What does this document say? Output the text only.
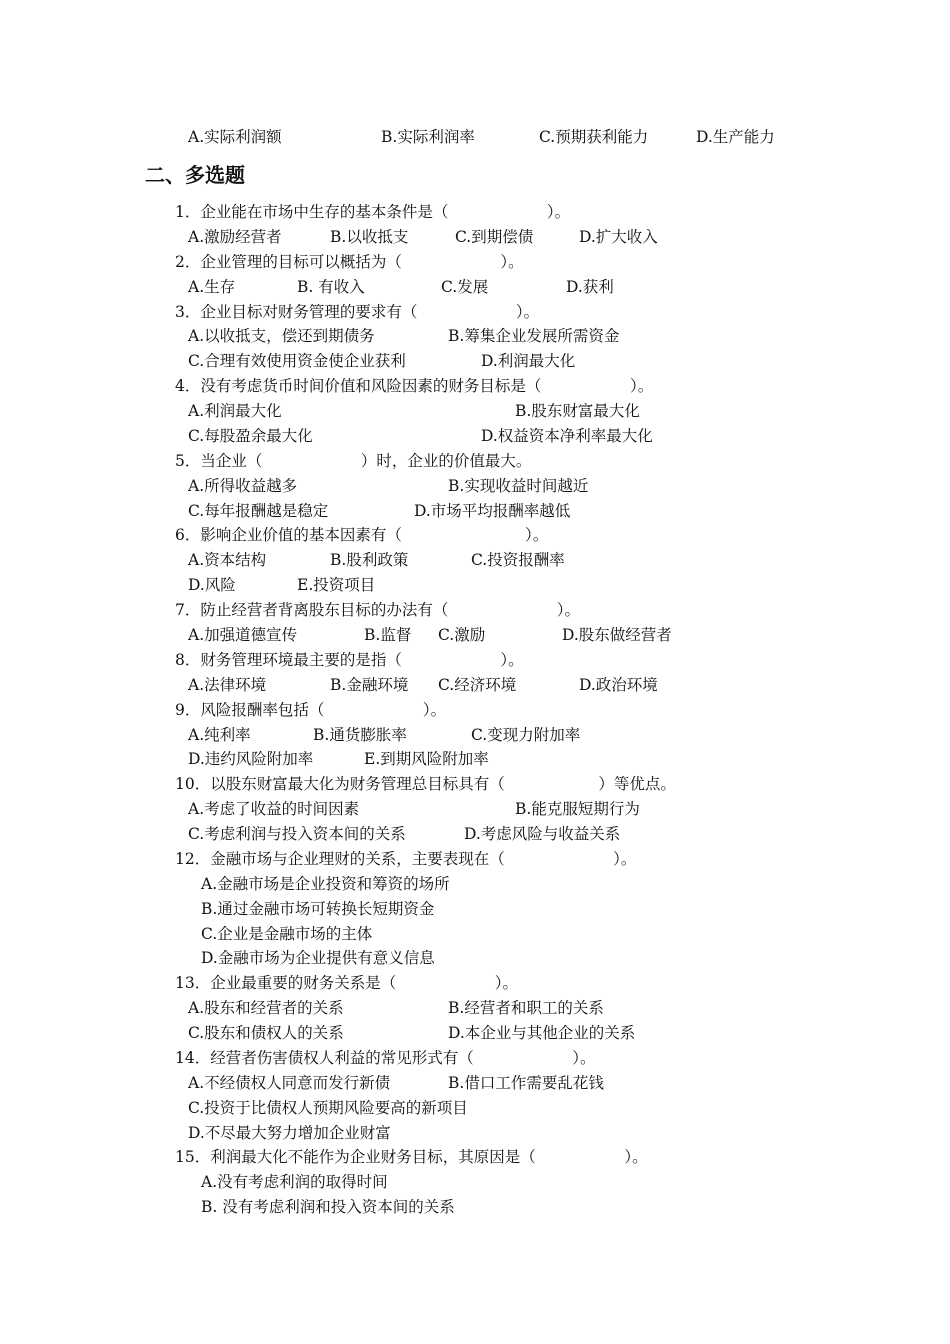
A.实际利润额	B.实际利润率	C.预期获利能力	D.生产能力
二、多选题
1．企业能在市场中生存的基本条件是（                    ）。
A.激励经营者	B.以收抵支	C.到期偿债	D.扩大收入
2．企业管理的目标可以概括为（                    ）。
A.生存	B. 有收入	C.发展	D.获利
3．企业目标对财务管理的要求有（                    ）。
A.以收抵支，偿还到期债务	B.筹集企业发展所需资金
C.合理有效使用资金使企业获利	D.利润最大化
4．没有考虑货币时间价值和风险因素的财务目标是（                  ）。
A.利润最大化	B.股东财富最大化
C.每股盈余最大化	D.权益资本净利率最大化
5．当企业（                    ）时，企业的价值最大。
A.所得收益越多	B.实现收益时间越近
C.每年报酬越是稳定	D.市场平均报酬率越低
6．影响企业价值的基本因素有（                         ）。
A.资本结构	B.股利政策	C.投资报酬率
D.风险	E.投资项目
7．防止经营者背离股东目标的办法有（                      ）。
A.加强道德宣传	B.监督 C.激励	D.股东做经营者
8．财务管理环境最主要的是指（                    ）。
A.法律环境	B.金融环境 C.经济环境	D.政治环境
9．风险报酬率包括（                    ）。
A.纯利率	B.通货膨胀率	C.变现力附加率
D.违约风险附加率	E.到期风险附加率
10．以股东财富最大化为财务管理总目标具有（                   ）等优点。
A.考虑了收益的时间因素	B.能克服短期行为
C.考虑利润与投入资本间的关系	D.考虑风险与收益关系
12．金融市场与企业理财的关系，主要表现在（                      ）。
A.金融市场是企业投资和筹资的场所
B.通过金融市场可转换长短期资金
C.企业是金融市场的主体
D.金融市场为企业提供有意义信息
13．企业最重要的财务关系是（                    ）。
A.股东和经营者的关系	B.经营者和职工的关系
C.股东和债权人的关系	D.本企业与其他企业的关系
14．经营者伤害债权人利益的常见形式有（                    ）。
A.不经债权人同意而发行新债	B.借口工作需要乱花钱
C.投资于比债权人预期风险要高的新项目
D.不尽最大努力增加企业财富
15．利润最大化不能作为企业财务目标，其原因是（                  ）。
A.没有考虑利润的取得时间
B. 没有考虑利润和投入资本间的关系
